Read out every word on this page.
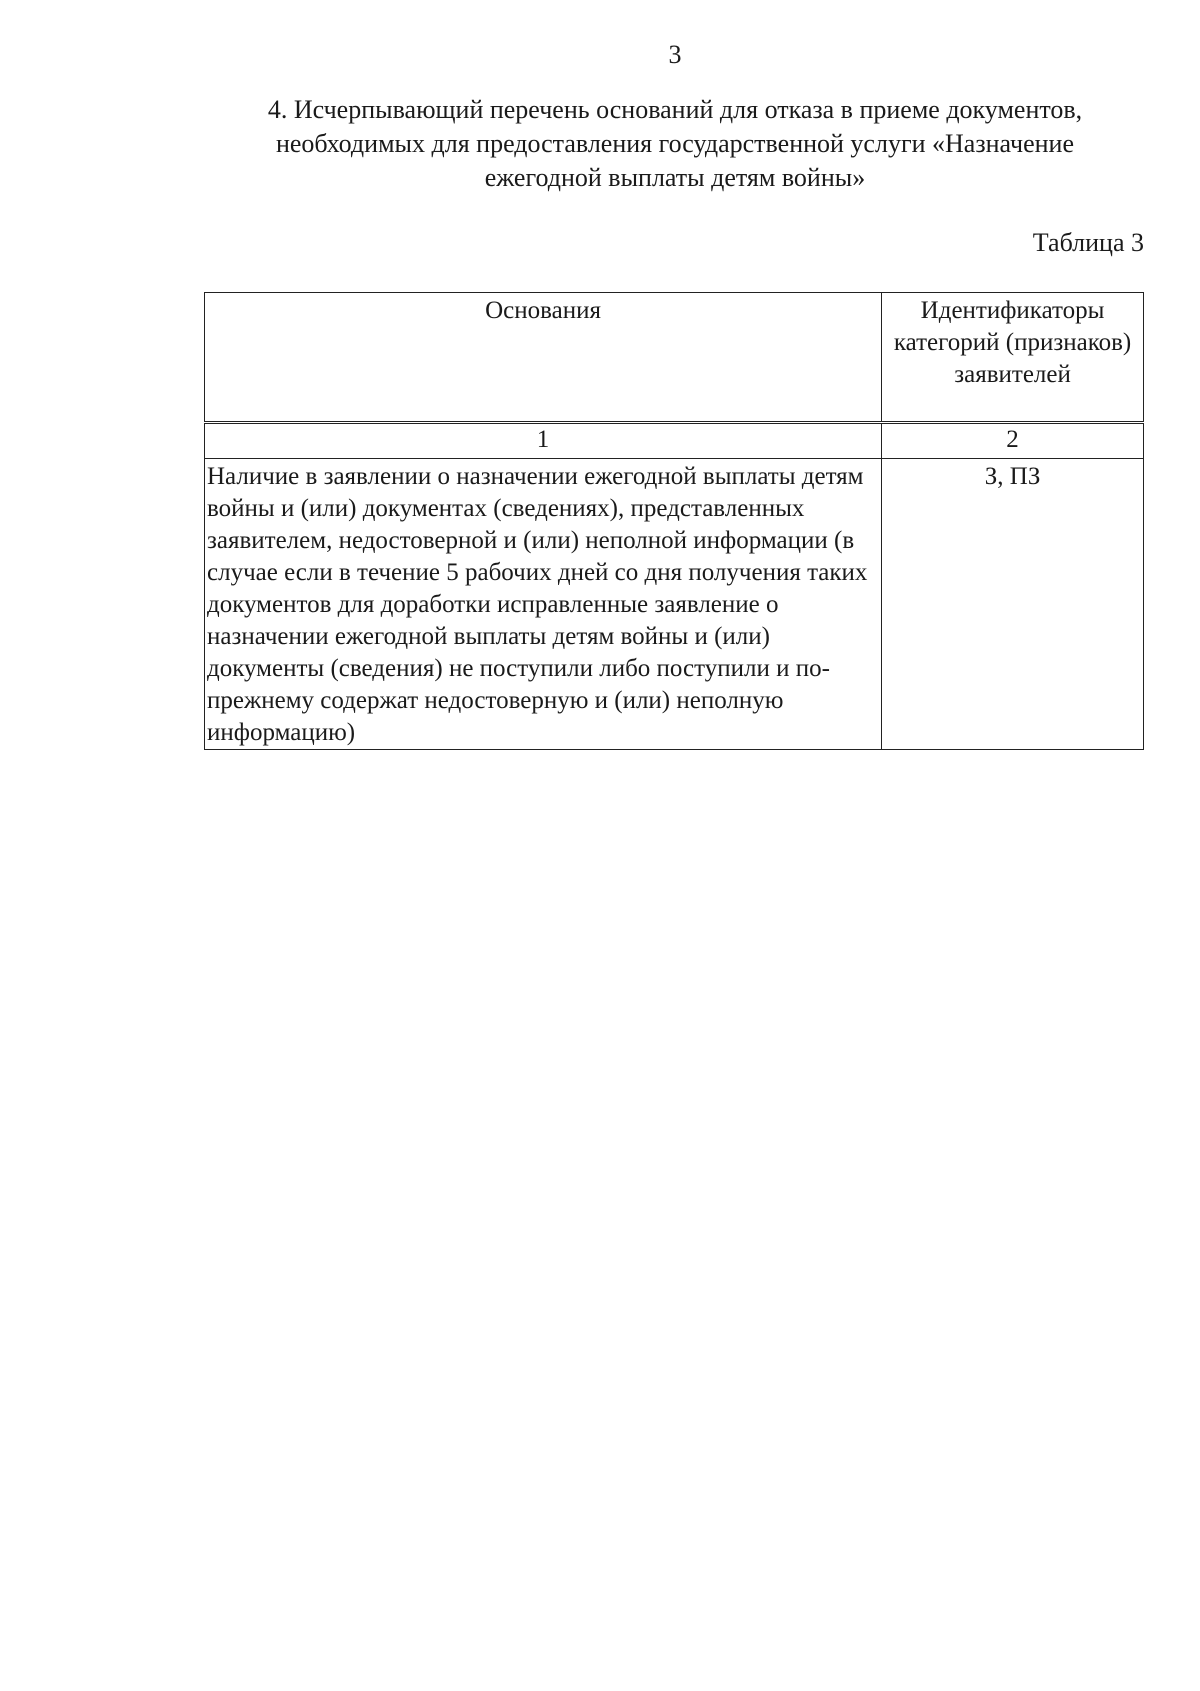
3
4. Исчерпывающий перечень оснований для отказа в приеме документов, необходимых для предоставления государственной услуги «Назначение ежегодной выплаты детям войны»
Таблица 3
Основания	Идентификаторы категорий (признаков) заявителей
1	2
Наличие в заявлении о назначении ежегодной выплаты детям войны и (или) документах (сведениях), представленных заявителем, недостоверной и (или) неполной информации (в случае если в течение 5 рабочих дней со дня получения таких документов для доработки исправленные заявление о назначении ежегодной выплаты детям войны и (или) документы (сведения) не поступили либо поступили и по-прежнему содержат недостоверную и (или) неполную информацию)	З, ПЗ
